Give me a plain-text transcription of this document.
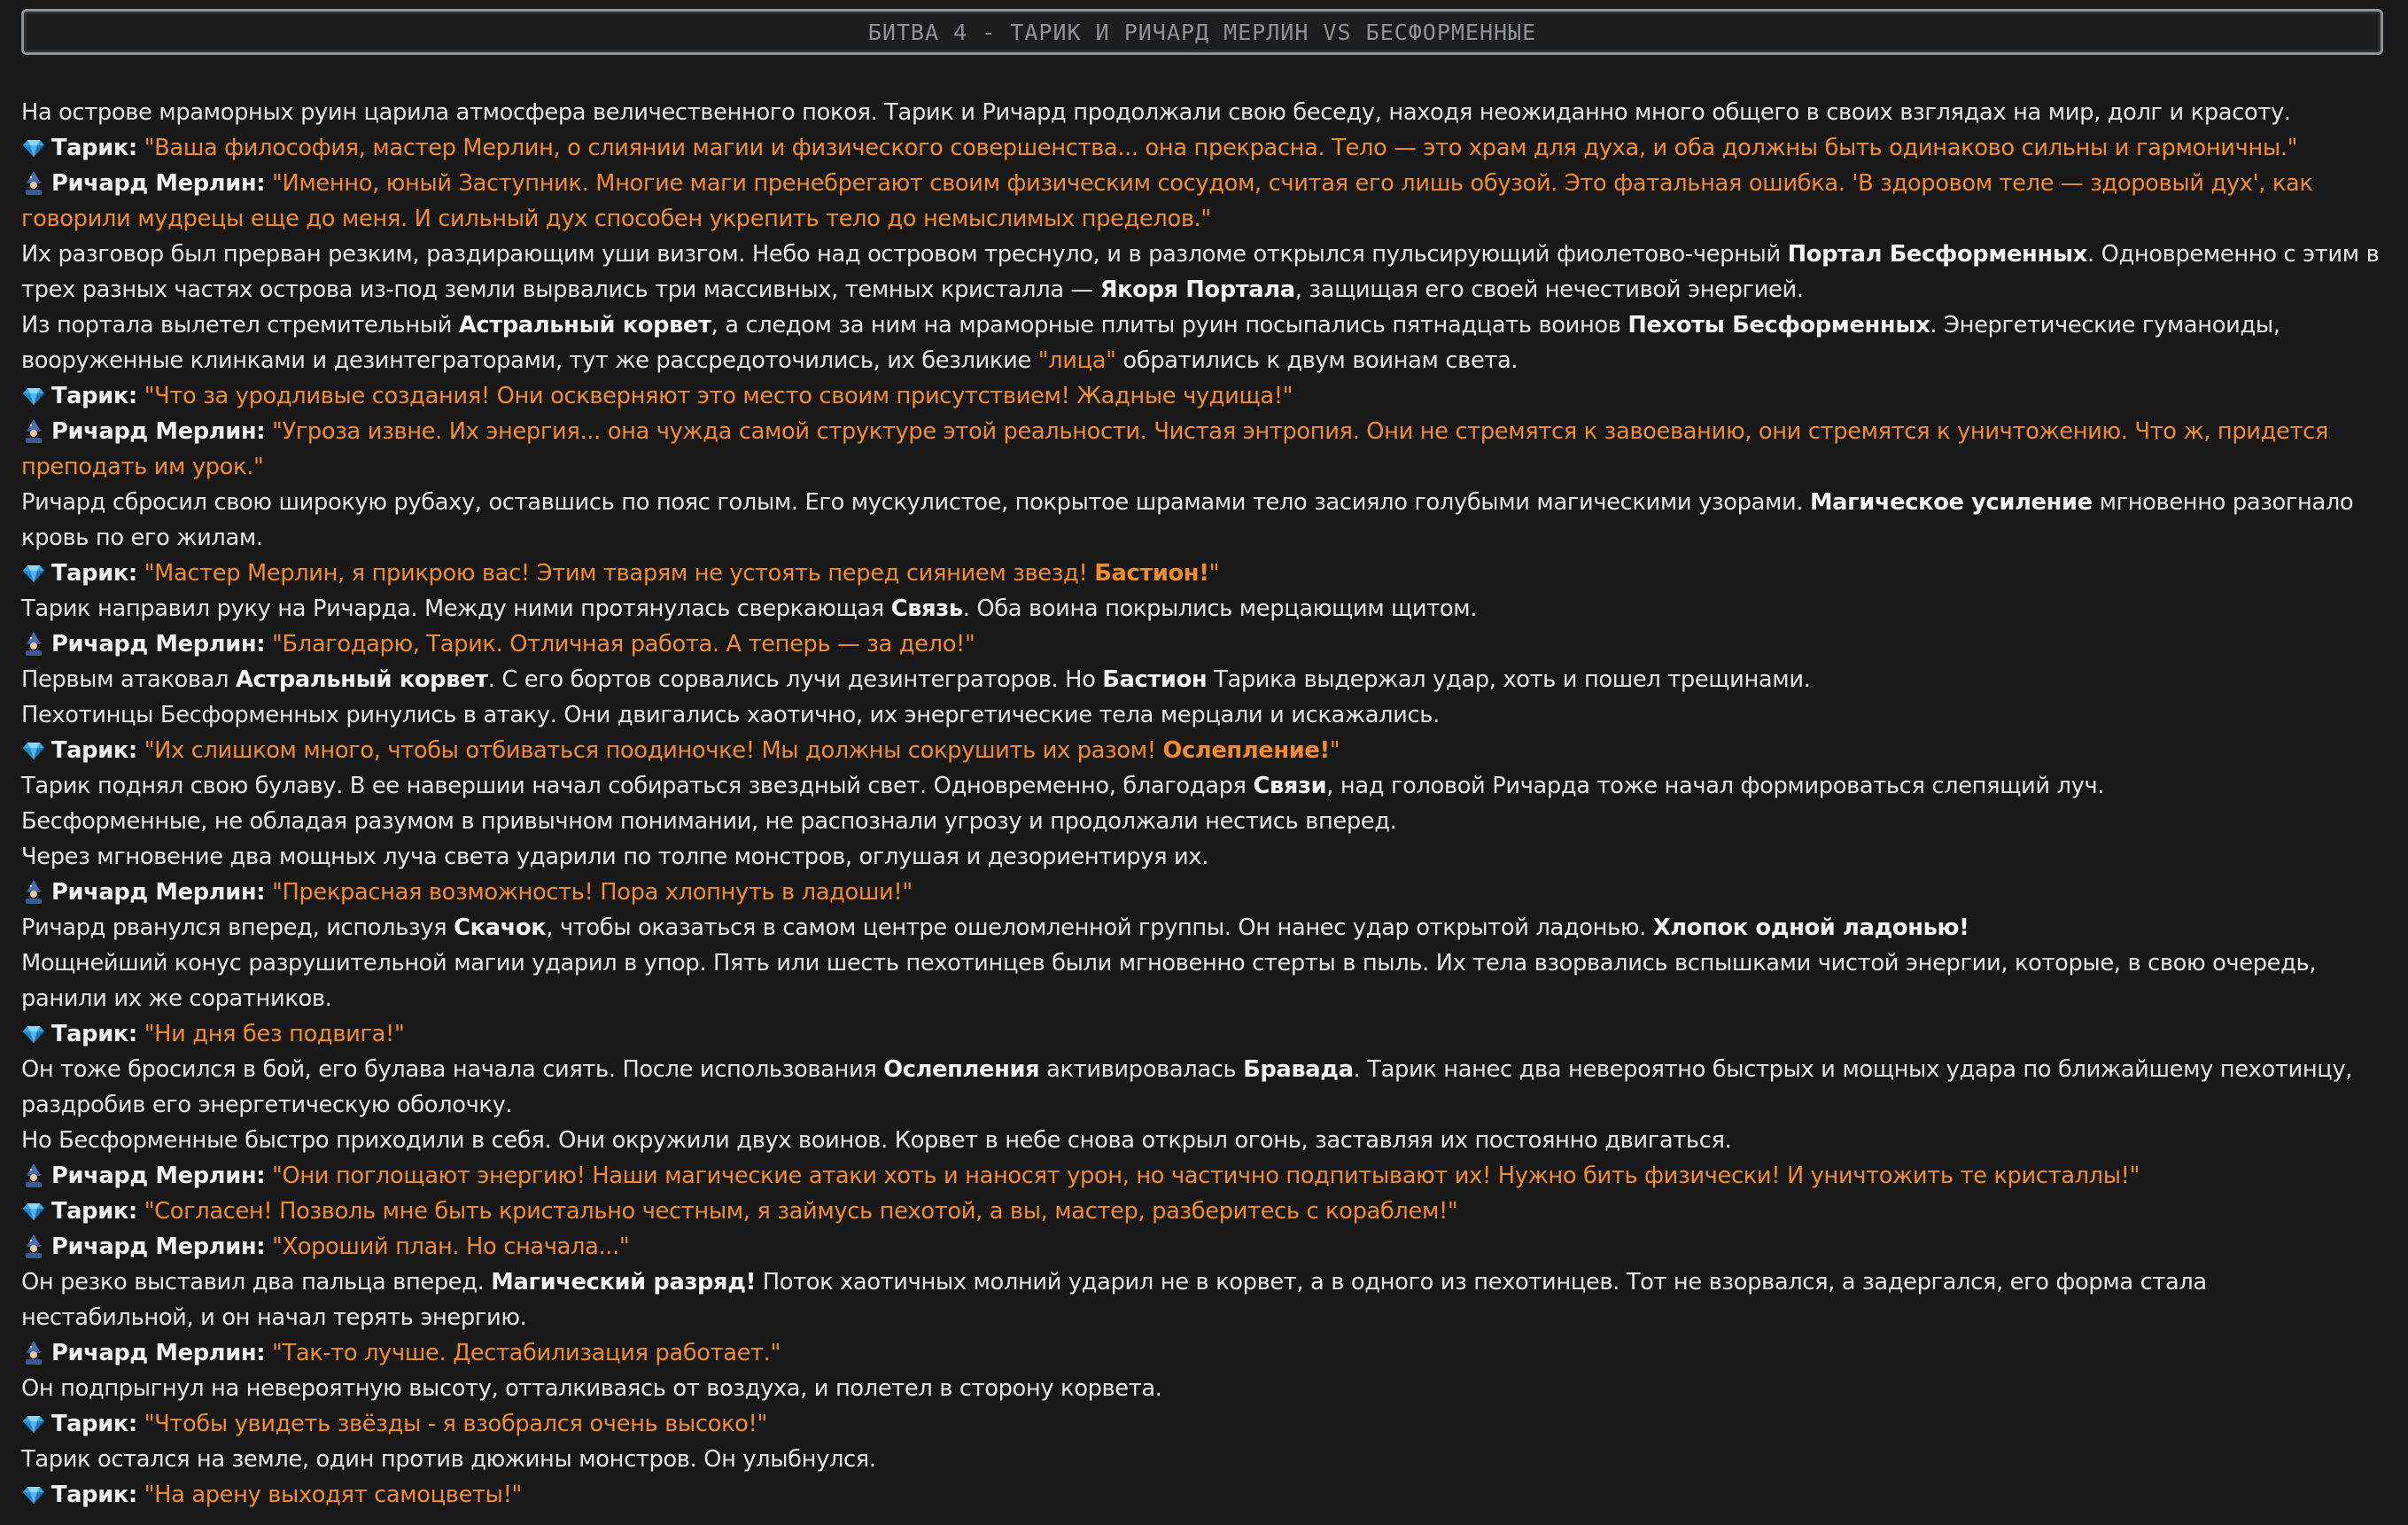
БИТВА 4 - ТАРИК И РИЧАРД МЕРЛИН VS БЕСФОРМЕННЫЕ

На острове мраморных руин царила атмосфера величественного покоя. Тарик и Ричард продолжали свою беседу, находя неожиданно много общего в своих взглядах на мир, долг и красоту.

Тарик: "Ваша философия, мастер Мерлин, о слиянии магии и физического совершенства... она прекрасна. Тело — это храм для духа, и оба должны быть одинаково сильны и гармоничны."

Ричард Мерлин: "Именно, юный Заступник. Многие маги пренебрегают своим физическим сосудом, считая его лишь обузой. Это фатальная ошибка. 'В здоровом теле — здоровый дух', как говорили мудрецы еще до меня. И сильный дух способен укрепить тело до немыслимых пределов."

Их разговор был прерван резким, раздирающим уши визгом. Небо над островом треснуло, и в разломе открылся пульсирующий фиолетово-черный Портал Бесформенных. Одновременно с этим в трех разных частях острова из-под земли вырвались три массивных, темных кристалла — Якоря Портала, защищая его своей нечестивой энергией.

Из портала вылетел стремительный Астральный корвет, а следом за ним на мраморные плиты руин посыпались пятнадцать воинов Пехоты Бесформенных. Энергетические гуманоиды, вооруженные клинками и дезинтеграторами, тут же рассредоточились, их безликие "лица" обратились к двум воинам света.

Тарик: "Что за уродливые создания! Они оскверняют это место своим присутствием! Жадные чудища!"

Ричард Мерлин: "Угроза извне. Их энергия... она чужда самой структуре этой реальности. Чистая энтропия. Они не стремятся к завоеванию, они стремятся к уничтожению. Что ж, придется преподать им урок."

Ричард сбросил свою широкую рубаху, оставшись по пояс голым. Его мускулистое, покрытое шрамами тело засияло голубыми магическими узорами. Магическое усиление мгновенно разогнало кровь по его жилам.

Тарик: "Мастер Мерлин, я прикрою вас! Этим тварям не устоять перед сиянием звезд! Бастион!"

Тарик направил руку на Ричарда. Между ними протянулась сверкающая Связь. Оба воина покрылись мерцающим щитом.

Ричард Мерлин: "Благодарю, Тарик. Отличная работа. А теперь — за дело!"

Первым атаковал Астральный корвет. С его бортов сорвались лучи дезинтеграторов. Но Бастион Тарика выдержал удар, хоть и пошел трещинами.

Пехотинцы Бесформенных ринулись в атаку. Они двигались хаотично, их энергетические тела мерцали и искажались.

Тарик: "Их слишком много, чтобы отбиваться поодиночке! Мы должны сокрушить их разом! Ослепление!"

Тарик поднял свою булаву. В ее навершии начал собираться звездный свет. Одновременно, благодаря Связи, над головой Ричарда тоже начал формироваться слепящий луч.

Бесформенные, не обладая разумом в привычном понимании, не распознали угрозу и продолжали нестись вперед.

Через мгновение два мощных луча света ударили по толпе монстров, оглушая и дезориентируя их.

Ричард Мерлин: "Прекрасная возможность! Пора хлопнуть в ладоши!"

Ричард рванулся вперед, используя Скачок, чтобы оказаться в самом центре ошеломленной группы. Он нанес удар открытой ладонью. Хлопок одной ладонью!

Мощнейший конус разрушительной магии ударил в упор. Пять или шесть пехотинцев были мгновенно стерты в пыль. Их тела взорвались вспышками чистой энергии, которые, в свою очередь, ранили их же соратников.

Тарик: "Ни дня без подвига!"

Он тоже бросился в бой, его булава начала сиять. После использования Ослепления активировалась Бравада. Тарик нанес два невероятно быстрых и мощных удара по ближайшему пехотинцу, раздробив его энергетическую оболочку.

Но Бесформенные быстро приходили в себя. Они окружили двух воинов. Корвет в небе снова открыл огонь, заставляя их постоянно двигаться.

Ричард Мерлин: "Они поглощают энергию! Наши магические атаки хоть и наносят урон, но частично подпитывают их! Нужно бить физически! И уничтожить те кристаллы!"

Тарик: "Согласен! Позволь мне быть кристально честным, я займусь пехотой, а вы, мастер, разберитесь с кораблем!"

Ричард Мерлин: "Хороший план. Но сначала..."

Он резко выставил два пальца вперед. Магический разряд! Поток хаотичных молний ударил не в корвет, а в одного из пехотинцев. Тот не взорвался, а задергался, его форма стала нестабильной, и он начал терять энергию.

Ричард Мерлин: "Так-то лучше. Дестабилизация работает."

Он подпрыгнул на невероятную высоту, отталкиваясь от воздуха, и полетел в сторону корвета.

Тарик: "Чтобы увидеть звёзды - я взобрался очень высоко!"

Тарик остался на земле, один против дюжины монстров. Он улыбнулся.

Тарик: "На арену выходят самоцветы!"
